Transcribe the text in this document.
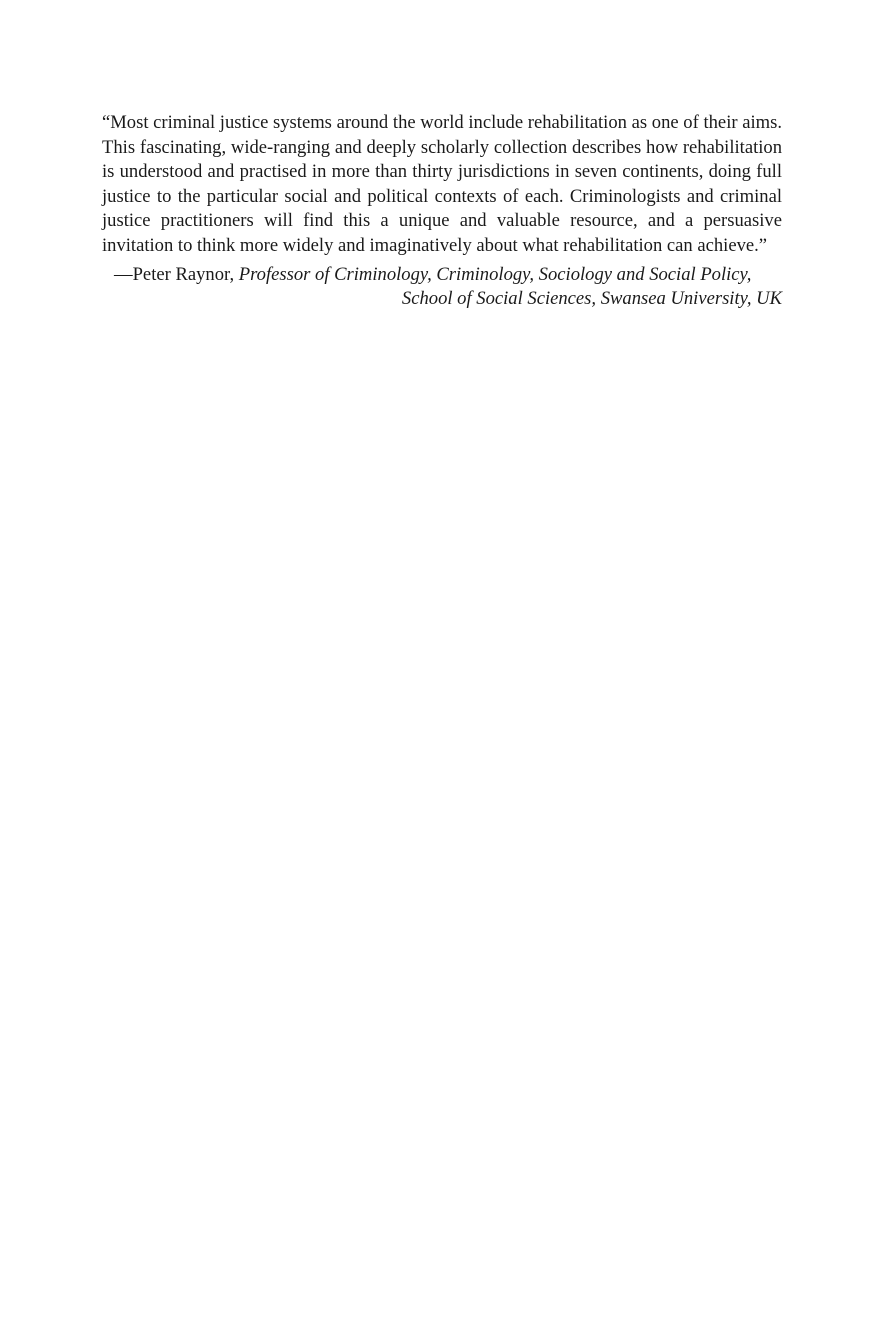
“Most criminal justice systems around the world include rehabilitation as one of their aims. This fascinating, wide-ranging and deeply scholarly collection describes how rehabilitation is understood and practised in more than thirty jurisdictions in seven continents, doing full justice to the particular social and political contexts of each. Criminologists and criminal justice practitioners will find this a unique and valuable resource, and a persuasive invitation to think more widely and imaginatively about what rehabilitation can achieve.”

—Peter Raynor, Professor of Criminology, Criminology, Sociology and Social Policy,
School of Social Sciences, Swansea University, UK
